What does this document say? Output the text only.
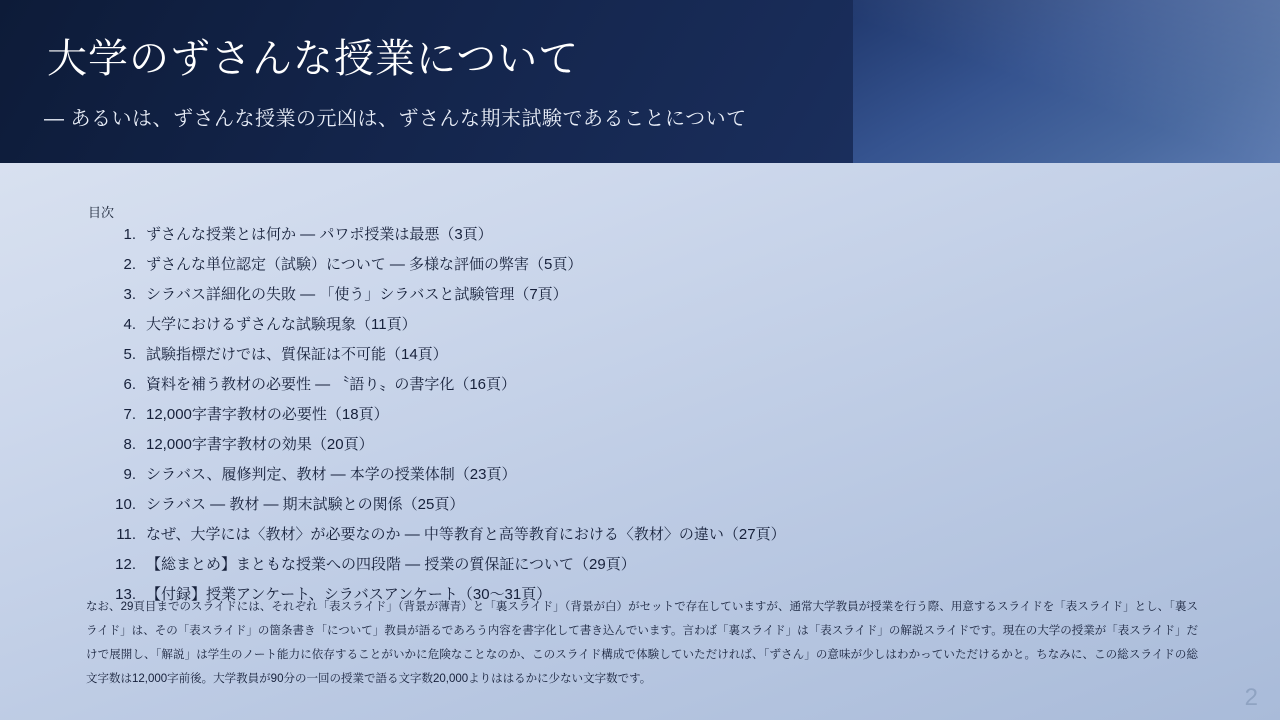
大学のずさんな授業について
― あるいは、ずさんな授業の元凶は、ずさんな期末試験であることについて
目次
1. ずさんな授業とは何か ― パワポ授業は最悪（3頁）
2. ずさんな単位認定（試験）について ― 多様な評価の弊害（5頁）
3. シラバス詳細化の失敗 ― 「使う」シラバスと試験管理（7頁）
4. 大学におけるずさんな試験現象（11頁）
5. 試験指標だけでは、質保証は不可能（14頁）
6. 資料を補う教材の必要性 ― 〝語り〟の書字化（16頁）
7. 12,000字書字教材の必要性（18頁）
8. 12,000字書字教材の効果（20頁）
9. シラバス、履修判定、教材 ― 本学の授業体制（23頁）
10. シラバス ― 教材 ― 期末試験との関係（25頁）
11. なぜ、大学には〈教材〉が必要なのか ― 中等教育と高等教育における〈教材〉の違い（27頁）
12. 【総まとめ】まともな授業への四段階 ― 授業の質保証について（29頁）
13. 【付録】授業アンケート、シラバスアンケート（30〜31頁）

なお、29頁目までのスライドには、それぞれ「表スライド」（背景が薄青）と「裏スライド」（背景が白）がセットで存在していますが、通常大学教員が授業を行う際、用意するスライドを「表スライド」とし、「裏スライド」は、その「表スライド」の箇条書き「について」教員が語るであろう内容を書字化して書き込んでいます。言わば「裏スライド」は「表スライド」の解説スライドです。現在の大学の授業が「表スライド」だけで展開し、「解説」は学生のノート能力に依存することがいかに危険なことなのか、このスライド構成で体験していただければ、「ずさん」の意味が少しはわかっていただけるかと。ちなみに、この総スライドの総文字数は12,000字前後。大学教員が90分の一回の授業で語る文字数20,000よりははるかに少ない文字数です。

2
